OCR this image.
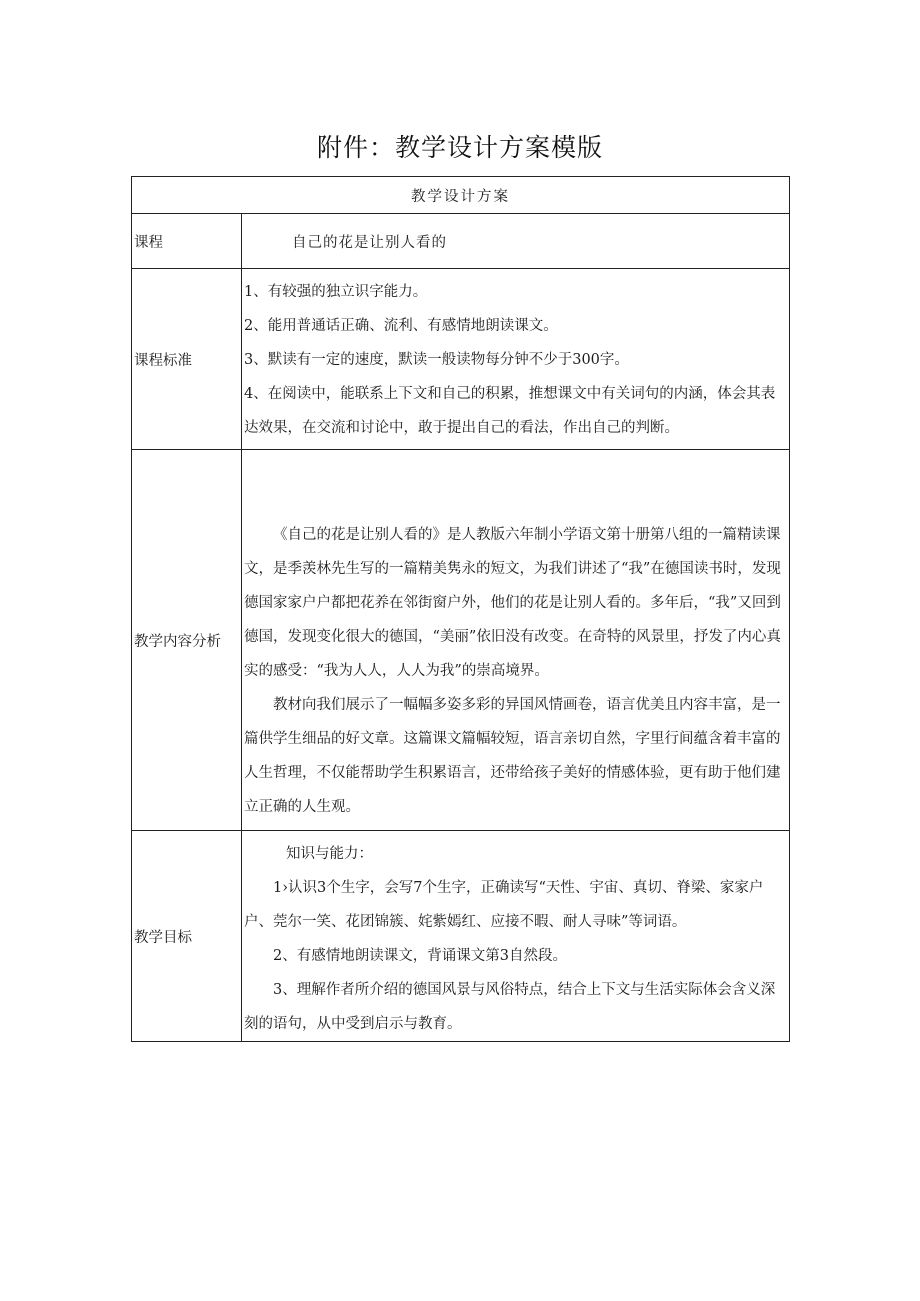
附件：教学设计方案模版
教学设计方案	
课程	自己的花是让别人看的
课程标准	1、有较强的独立识字能力。

2、能用普通话正确、流利、有感情地朗读课文。

3、默读有一定的速度，默读一般读物每分钟不少于300字。

4、在阅读中，能联系上下文和自己的积累，推想课文中有关词句的内涵，体会其表达效果，在交流和讨论中，敢于提出自己的看法，作出自己的判断。

教学内容分析	《自己的花是让别人看的》是人教版六年制小学语文第十册第八组的一篇精读课文，是季羡林先生写的一篇精美隽永的短文，为我们讲述了“我”在德国读书时，发现德国家家户户都把花养在邻街窗户外，他们的花是让别人看的。多年后，“我”又回到德国，发现变化很大的德国，“美丽”依旧没有改变。在奇特的风景里，抒发了内心真实的感受：“我为人人，人人为我”的崇高境界。

教材向我们展示了一幅幅多姿多彩的异国风情画卷，语言优美且内容丰富，是一篇供学生细品的好文章。这篇课文篇幅较短，语言亲切自然，字里行间蕴含着丰富的人生哲理，不仅能帮助学生积累语言，还带给孩子美好的情感体验，更有助于他们建立正确的人生观。

教学目标	知识与能力：

1›认识3个生字，会写7个生字，正确读写“天性、宇宙、真切、脊梁、家家户户、莞尔一笑、花团锦簇、姹紫嫣红、应接不暇、耐人寻味”等词语。

2、有感情地朗读课文，背诵课文第3自然段。

3、理解作者所介绍的德国风景与风俗特点，结合上下文与生活实际体会含义深刻的语句，从中受到启示与教育。
